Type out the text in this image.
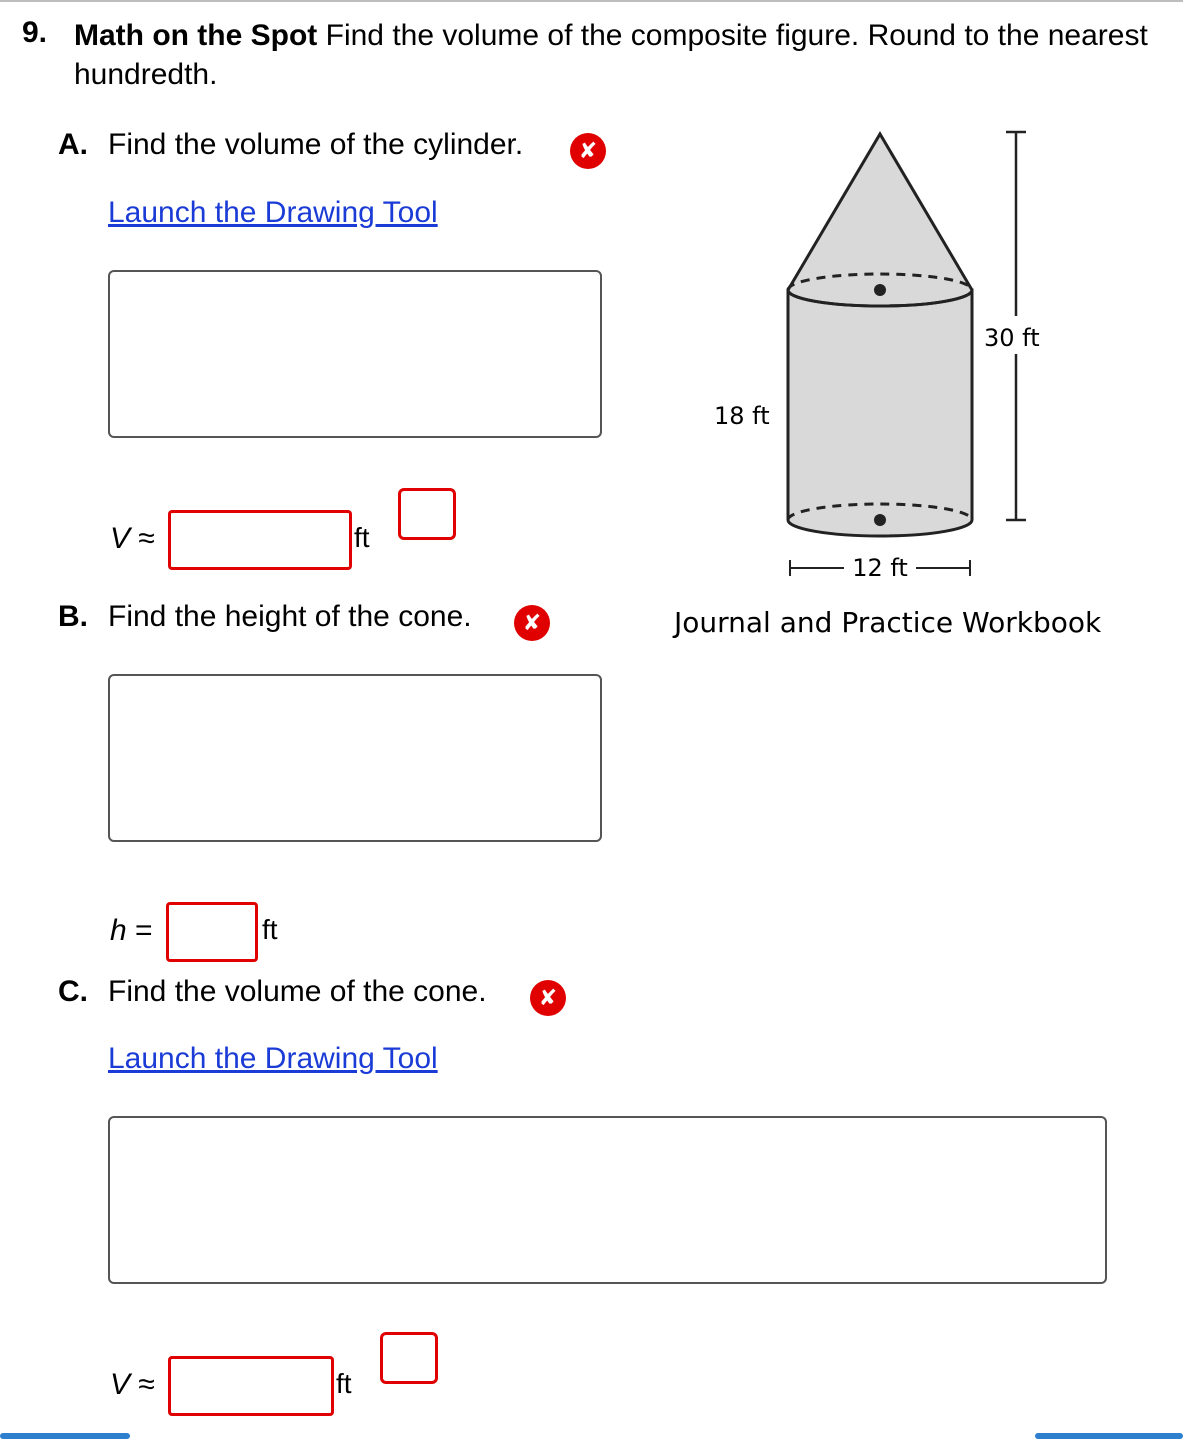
9. Math on the Spot Find the volume of the composite figure. Round to the nearest hundredth.
A. Find the volume of the cylinder.	✘
Launch the Drawing Tool
V ≈	ft
B. Find the height of the cone.	✘
h =	ft
C. Find the volume of the cone.	✘
Launch the Drawing Tool
V ≈	ft
30 ft
18 ft
12 ft
Journal and Practice Workbook
